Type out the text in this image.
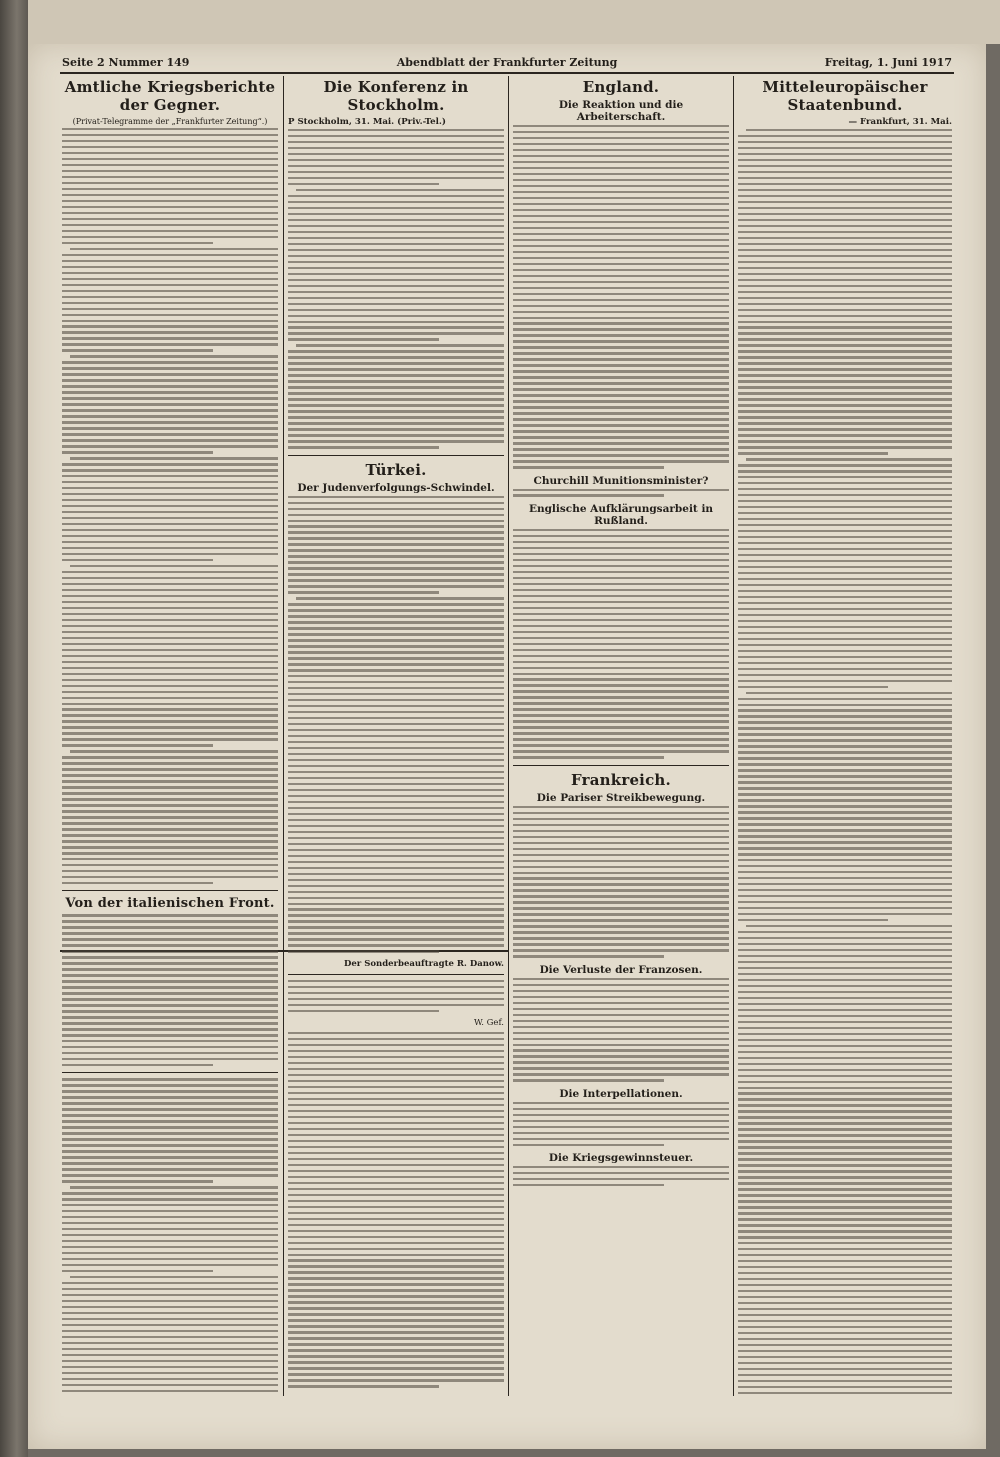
Seite 2 Nummer 149	Abendblatt der Frankfurter Zeitung	Freitag, 1. Juni 1917
Amtliche Kriegsberichte der Gegner.
(Privat-Telegramme der „Frankfurter Zeitung“.)
Von der italienischen Front.
Die Konferenz in Stockholm.
P Stockholm, 31. Mai. (Priv.-Tel.)
Türkei.
Der Judenverfolgungs-Schwindel.
Der Sonderbeauftragte R. Danow.
W. Gef.
England.
Die Reaktion und die Arbeiterschaft.
Churchill Munitionsminister?
Englische Aufklärungsarbeit in Rußland.
Frankreich.
Die Pariser Streikbewegung.
Die Verluste der Franzosen.
Die Interpellationen.
Die Kriegsgewinnsteuer.
Mitteleuropäischer Staatenbund.
— Frankfurt, 31. Mai.
